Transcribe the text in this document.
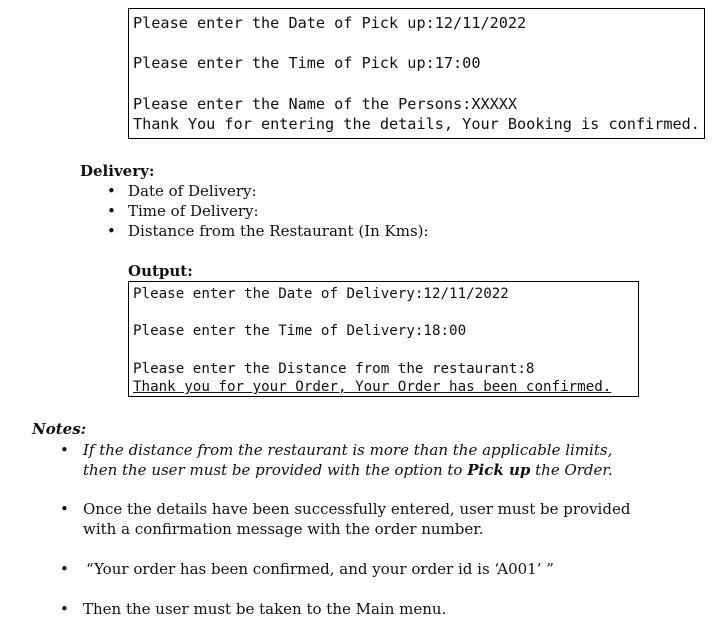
Please enter the Date of Pick up:12/11/2022

Please enter the Time of Pick up:17:00

Please enter the Name of the Persons:XXXXX

Thank You for entering the details, Your Booking is confirmed.

Delivery:
• Date of Delivery:
• Time of Delivery:
• Distance from the Restaurant (In Kms):
Output:

Please enter the Date of Delivery:12/11/2022

Please enter the Time of Delivery:18:00

Please enter the Distance from the restaurant:8

Thank you for your Order, Your Order has been confirmed.

Notes:
• If the distance from the restaurant is more than the applicable limits, then the user must be provided with the option to Pick up the Order.
• Once the details have been successfully entered, user must be provided with a confirmation message with the order number.
• “Your order has been confirmed, and your order id is ‘A001’ ”
• Then the user must be taken to the Main menu.
